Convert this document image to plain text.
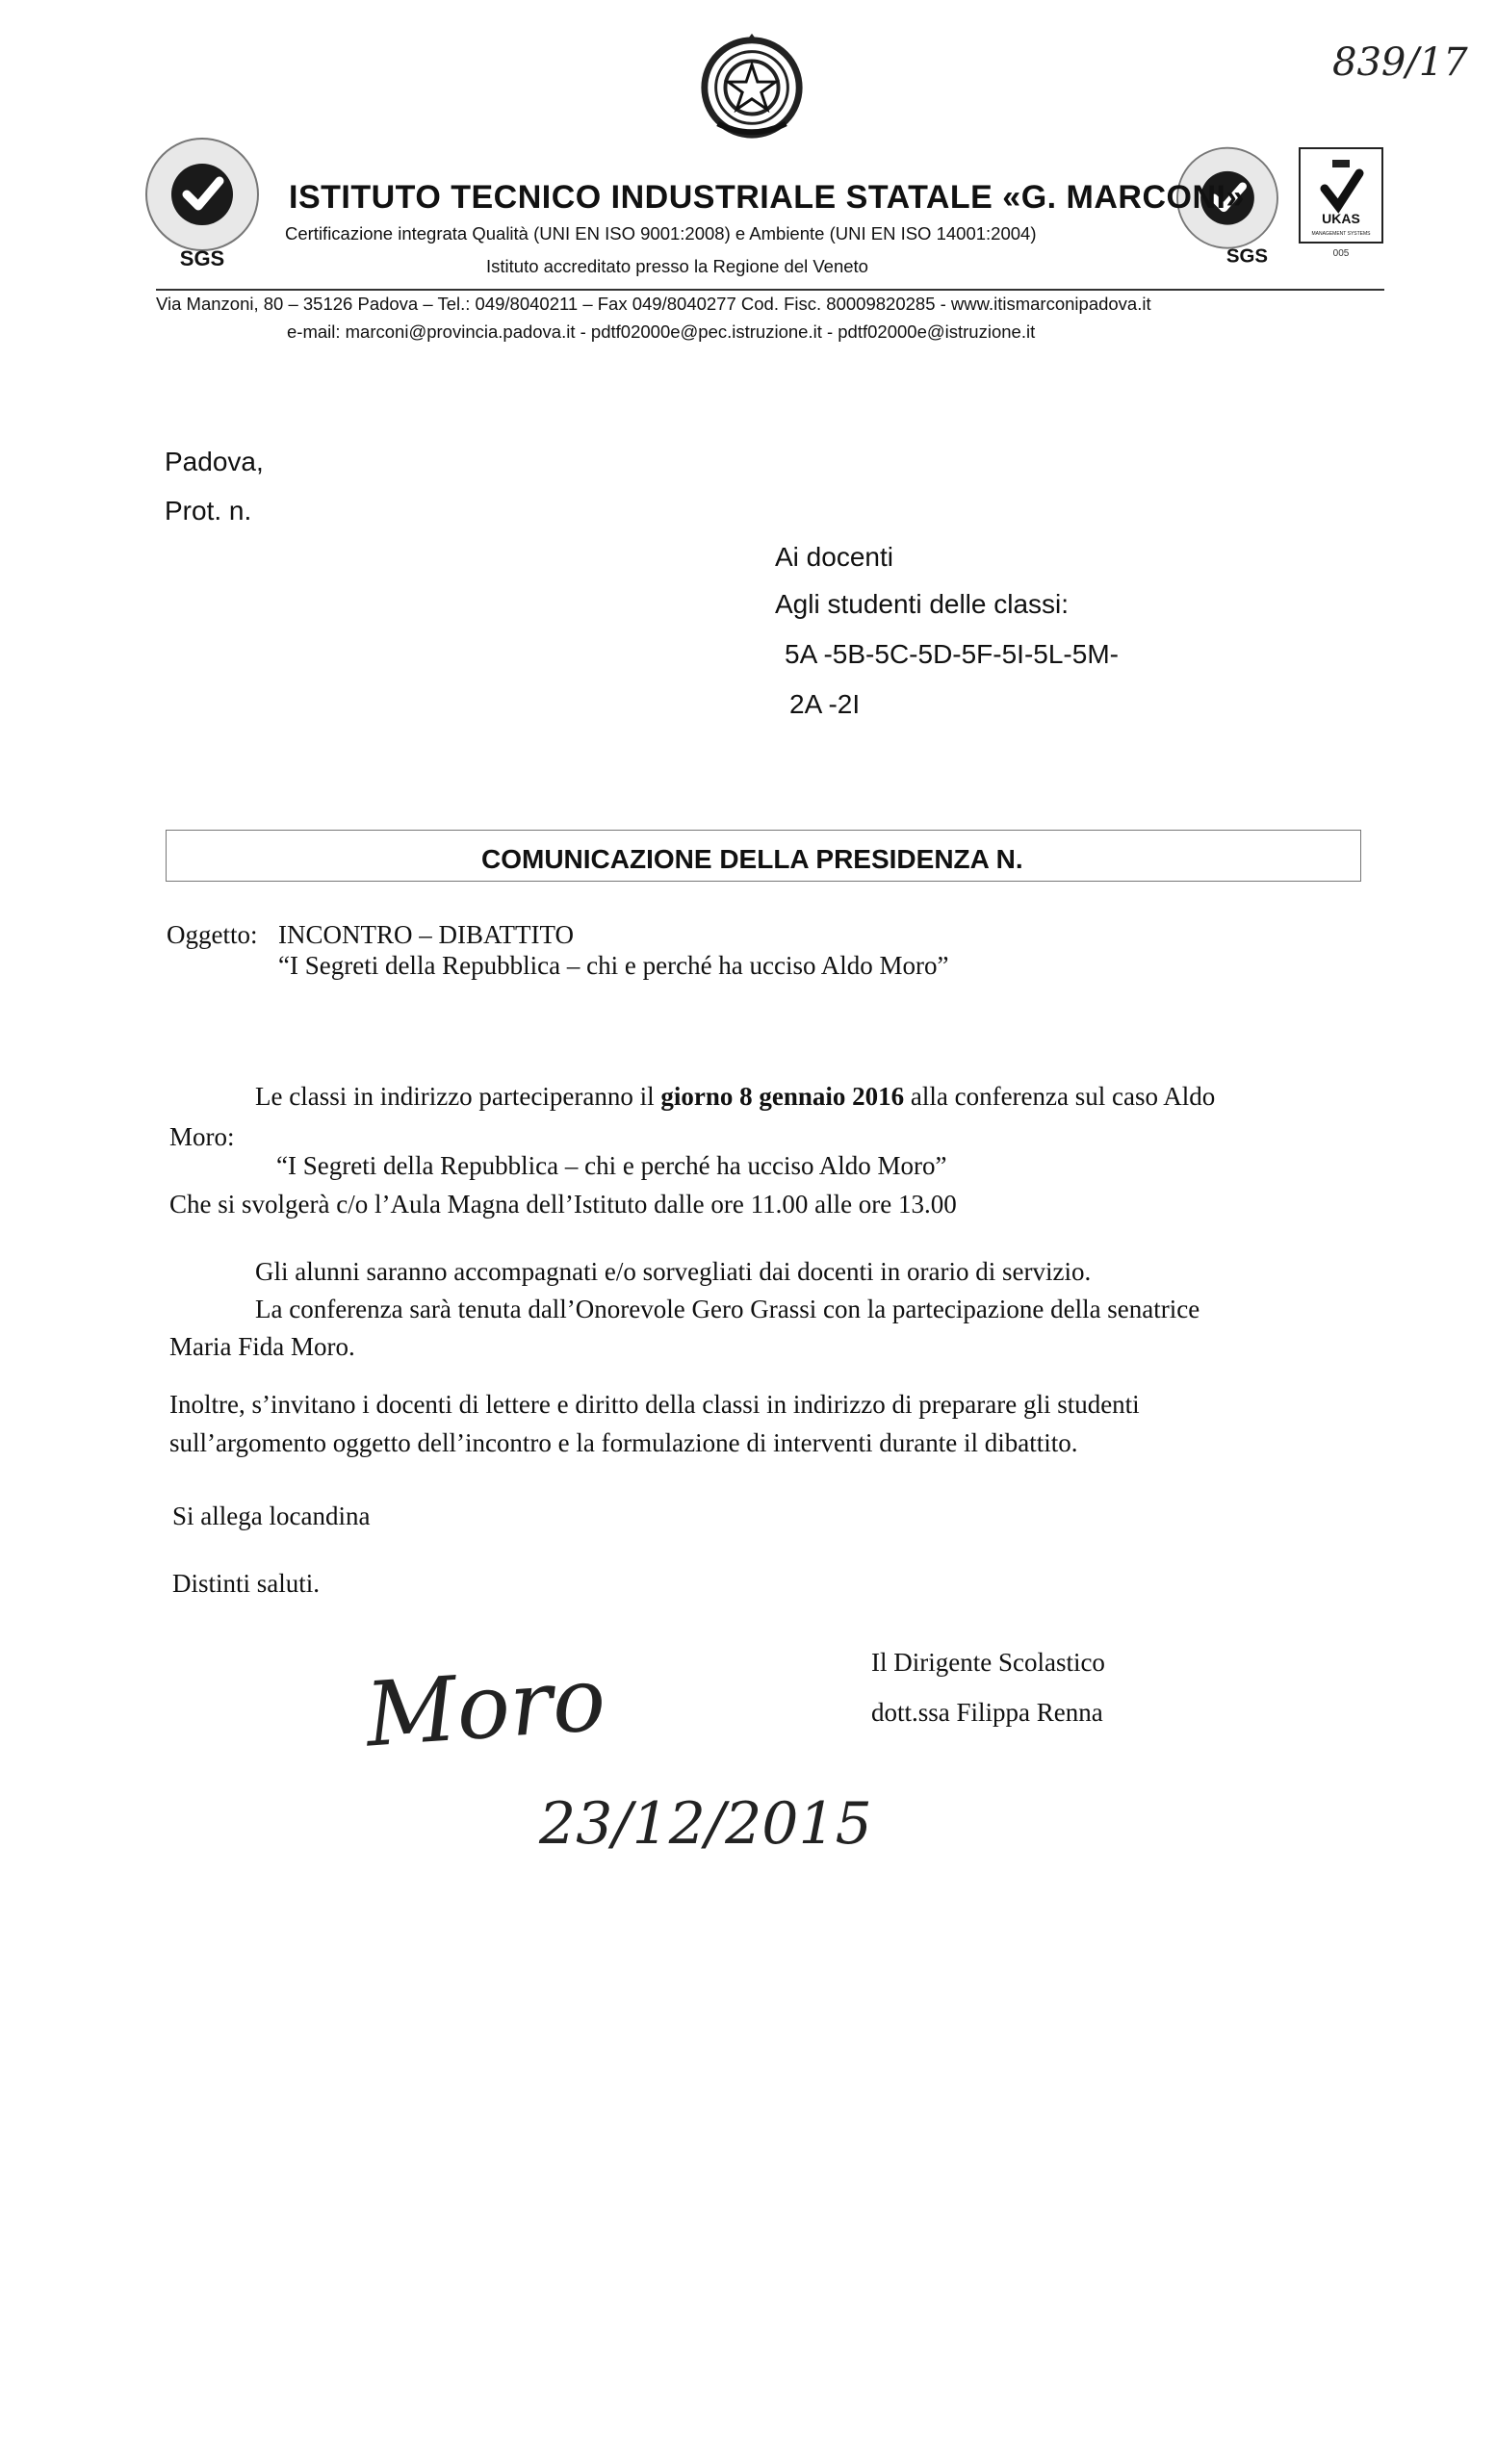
SGS	SGS
UKAS
MANAGEMENT SYSTEMS
005
ISTITUTO TECNICO INDUSTRIALE STATALE «G. MARCONI»
Certificazione integrata Qualità (UNI EN ISO 9001:2008) e Ambiente (UNI EN ISO 14001:2004)
Istituto accreditato presso la Regione del Veneto
Via Manzoni, 80 – 35126 Padova – Tel.: 049/8040211 – Fax 049/8040277 Cod. Fisc. 80009820285 - www.itismarconipadova.it
e-mail: marconi@provincia.padova.it - pdtf02000e@pec.istruzione.it - pdtf02000e@istruzione.it
839/17
Padova,
Prot. n.
Ai docenti
Agli studenti delle classi:
5A -5B-5C-5D-5F-5I-5L-5M-
2A -2I
COMUNICAZIONE DELLA PRESIDENZA N.
Oggetto: INCONTRO – DIBATTITO
“I Segreti della Repubblica – chi e perché ha ucciso Aldo Moro”
Le classi in indirizzo parteciperanno il giorno 8 gennaio 2016 alla conferenza sul caso Aldo
Moro:
“I Segreti della Repubblica – chi e perché ha ucciso Aldo Moro”
Che si svolgerà c/o l’Aula Magna dell’Istituto dalle ore 11.00 alle ore 13.00
Gli alunni saranno accompagnati e/o sorvegliati dai docenti in orario di servizio.
La conferenza sarà tenuta dall’Onorevole Gero Grassi con la partecipazione della senatrice
Maria Fida Moro.
Inoltre, s’invitano i docenti di lettere e diritto della classi in indirizzo di preparare gli studenti
sull’argomento oggetto dell’incontro e la formulazione di interventi durante il dibattito.
Si allega locandina
Distinti saluti.
Il Dirigente Scolastico
dott.ssa Filippa Renna
Moro
23/12/2015
